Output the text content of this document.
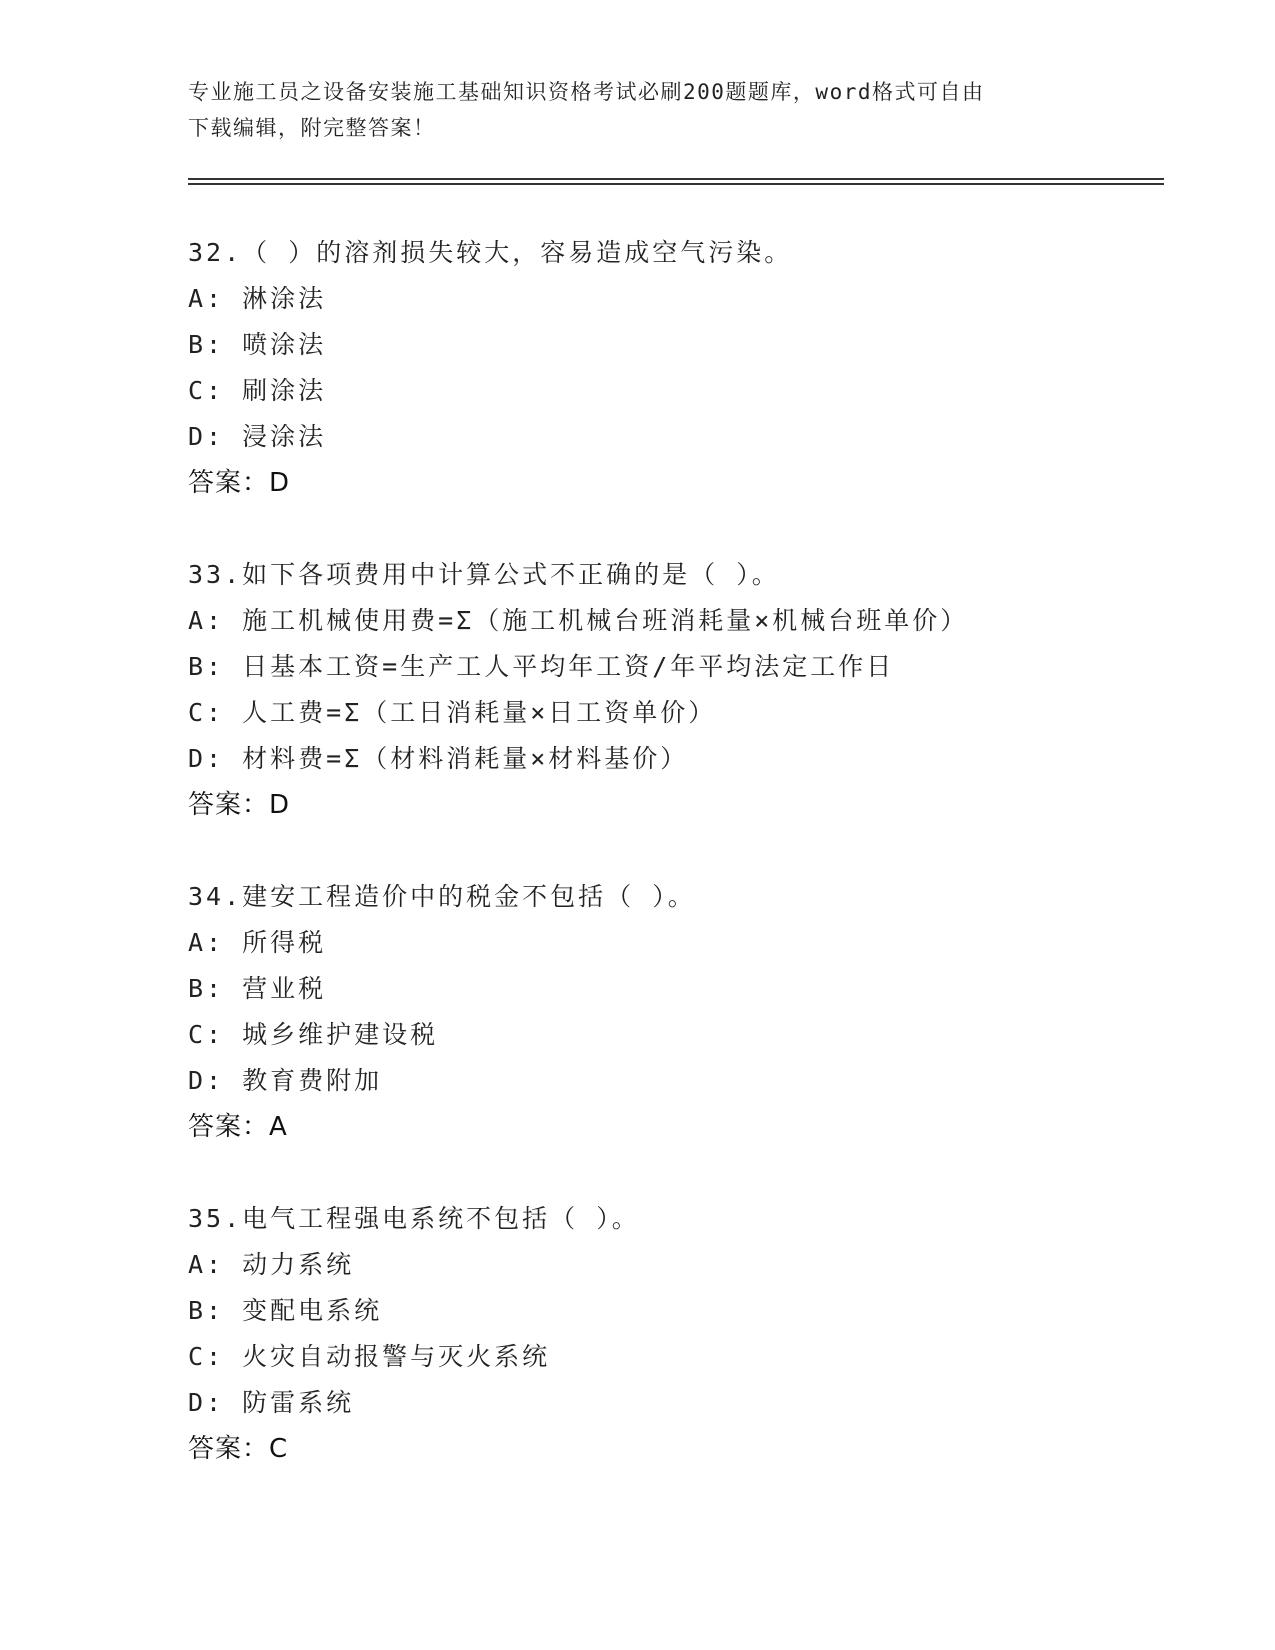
专业施工员之设备安装施工基础知识资格考试必刷200题题库，word格式可自由
下载编辑，附完整答案！
32.（ ）的溶剂损失较大，容易造成空气污染。
A: 淋涂法
B: 喷涂法
C: 刷涂法
D: 浸涂法
答案：D
33.如下各项费用中计算公式不正确的是（ ）。
A: 施工机械使用费=Σ（施工机械台班消耗量×机械台班单价）
B: 日基本工资=生产工人平均年工资/年平均法定工作日
C: 人工费=Σ（工日消耗量×日工资单价）
D: 材料费=Σ（材料消耗量×材料基价）
答案：D
34.建安工程造价中的税金不包括（ ）。
A: 所得税
B: 营业税
C: 城乡维护建设税
D: 教育费附加
答案：A
35.电气工程强电系统不包括（ ）。
A: 动力系统
B: 变配电系统
C: 火灾自动报警与灭火系统
D: 防雷系统
答案：C
